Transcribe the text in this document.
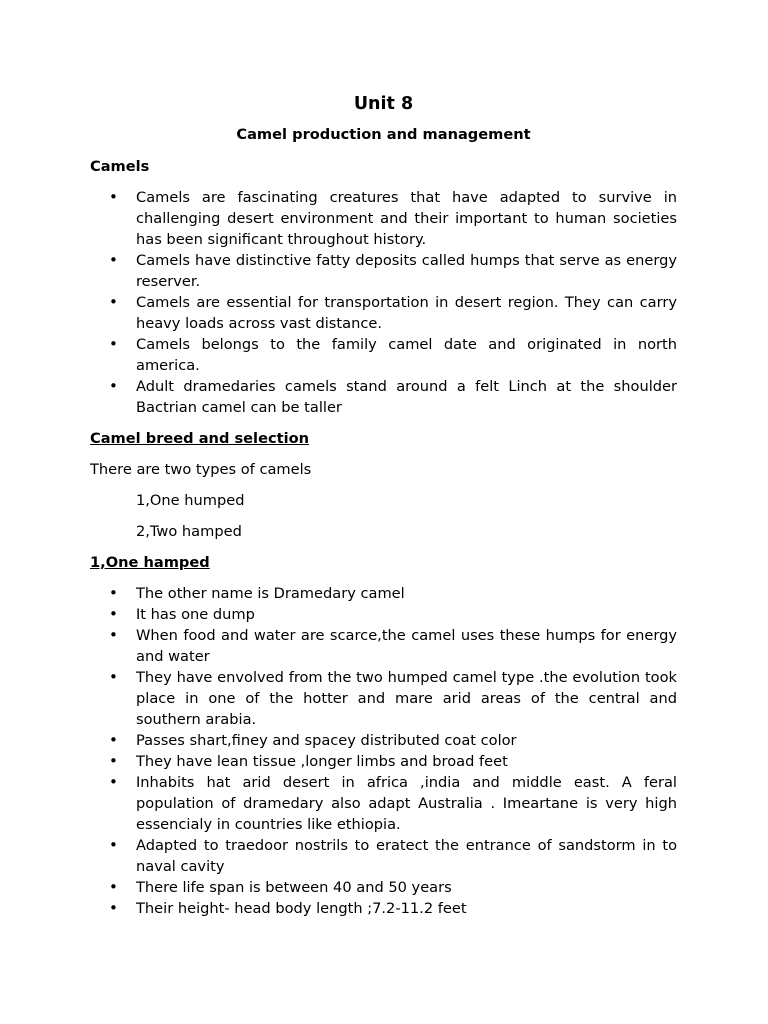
Unit 8
Camel production and management
Camels
• Camels are fascinating creatures that have adapted to survive in challenging desert environment and their important to human societies has been significant throughout history.
• Camels have distinctive fatty deposits called humps that serve as energy reserver.
• Camels are essential for transportation in desert region. They can carry heavy loads across vast distance.
• Camels belongs to the family camel date and originated in north america.
• Adult dramedaries camels stand around a felt Linch at the shoulder Bactrian camel can be taller
Camel breed and selection

There are two types of camels

1,One humped

2,Two hamped

1,One hamped
• The other name is Dramedary camel
• It has one dump
• When food and water are scarce,the camel uses these humps for energy and water
• They have envolved from the two humped camel type .the evolution took place in one of the hotter and mare arid areas of the central and southern arabia.
• Passes shart,finey and spacey distributed coat color
• They have lean tissue ,longer limbs and broad feet
• Inhabits hat arid desert in africa ,india and middle east. A feral population of dramedary also adapt Australia . Imeartane is very high essencialy in countries like ethiopia.
• Adapted to traedoor nostrils to eratect the entrance of sandstorm in to naval cavity
• There life span is between 40 and 50 years
• Their height- head body length ;7.2-11.2 feet
